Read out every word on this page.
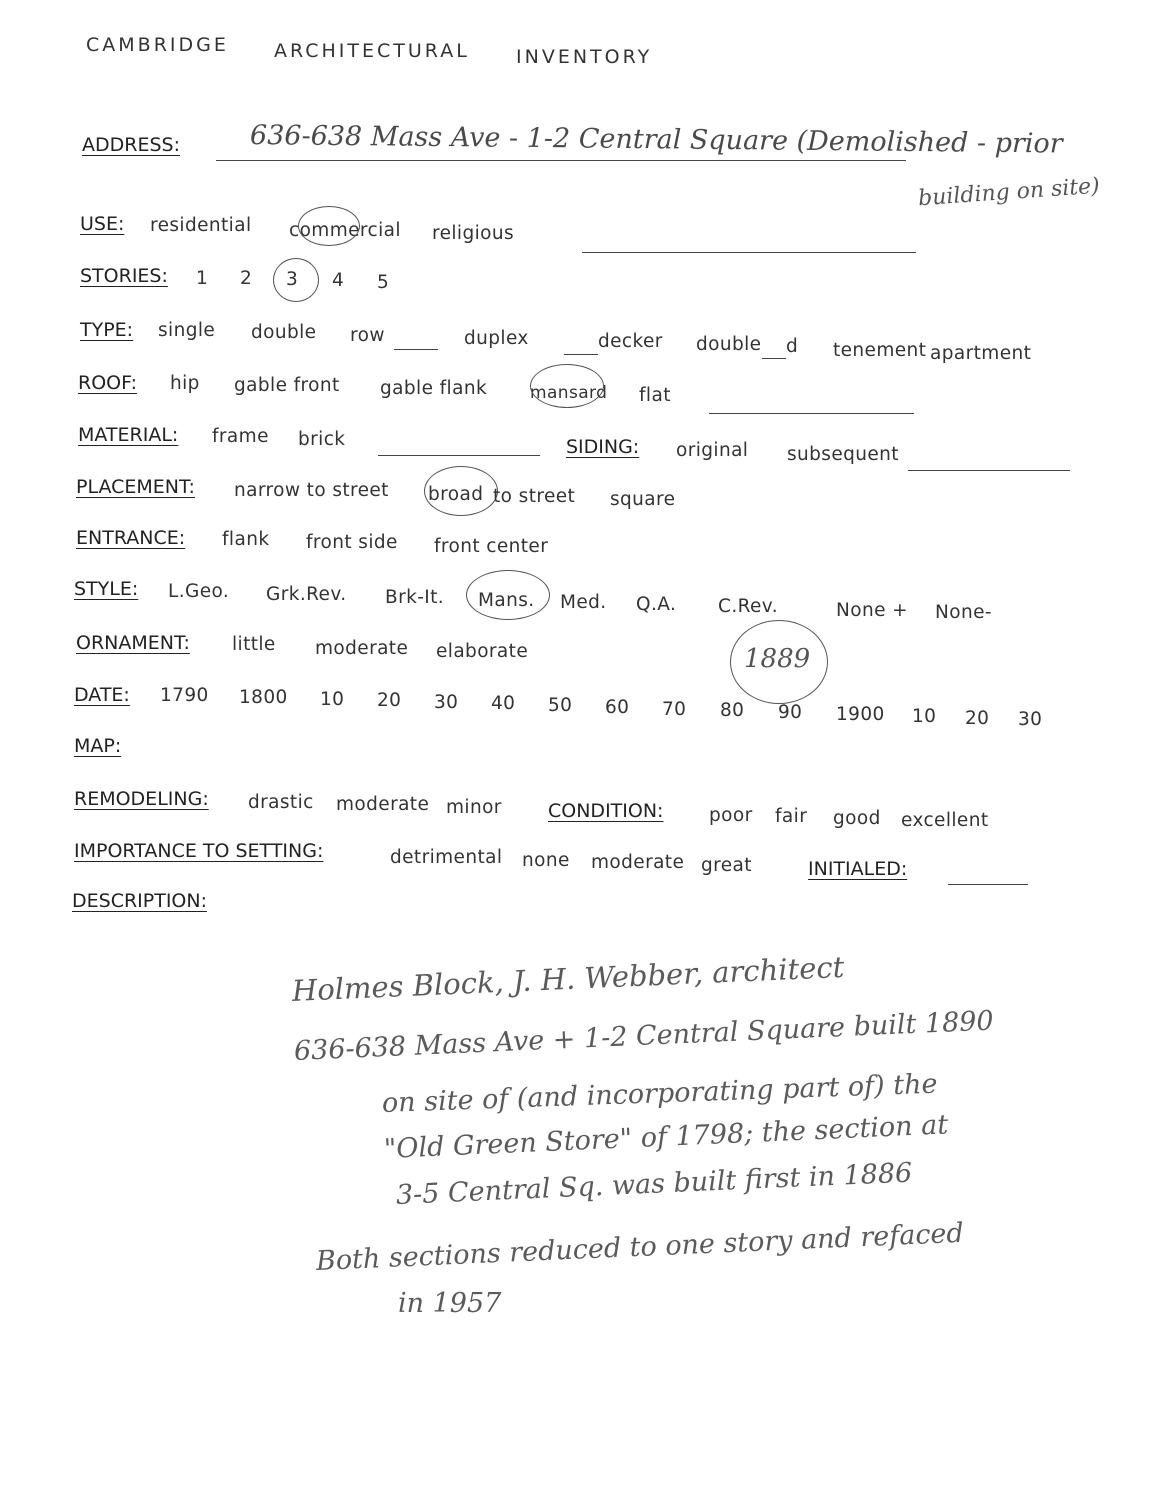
CAMBRIDGE ARCHITECTURAL INVENTORY
ADDRESS:	636-638 Mass Ave - 1-2 Central Square (Demolished - prior
building on site)
USE: residential commercial religious
STORIES: 1 2 3 4 5
TYPE: single double row	duplex	decker double d tenement apartment
ROOF: hip gable front gable flank	mansard flat
MATERIAL: frame brick	SIDING: original subsequent
PLACEMENT: narrow to street broad to street square
ENTRANCE: flank front side front center
STYLE: L.Geo. Grk.Rev. Brk-It. Mans. Med. Q.A. C.Rev.	None + None-
ORNAMENT: little moderate elaborate	1889
DATE: 1790 1800 10 20 30 40 50 60 70 80 90 1900 10 20 30
MAP:
REMODELING: drastic moderate minor CONDITION: poor fair good excellent
IMPORTANCE TO SETTING:	detrimental none moderate great	INITIALED:
DESCRIPTION:
Holmes Block, J. H. Webber, architect
636-638 Mass Ave + 1-2 Central Square built 1890
on site of (and incorporating part of) the
"Old Green Store" of 1798; the section at
3-5 Central Sq. was built first in 1886
Both sections reduced to one story and refaced
in 1957
